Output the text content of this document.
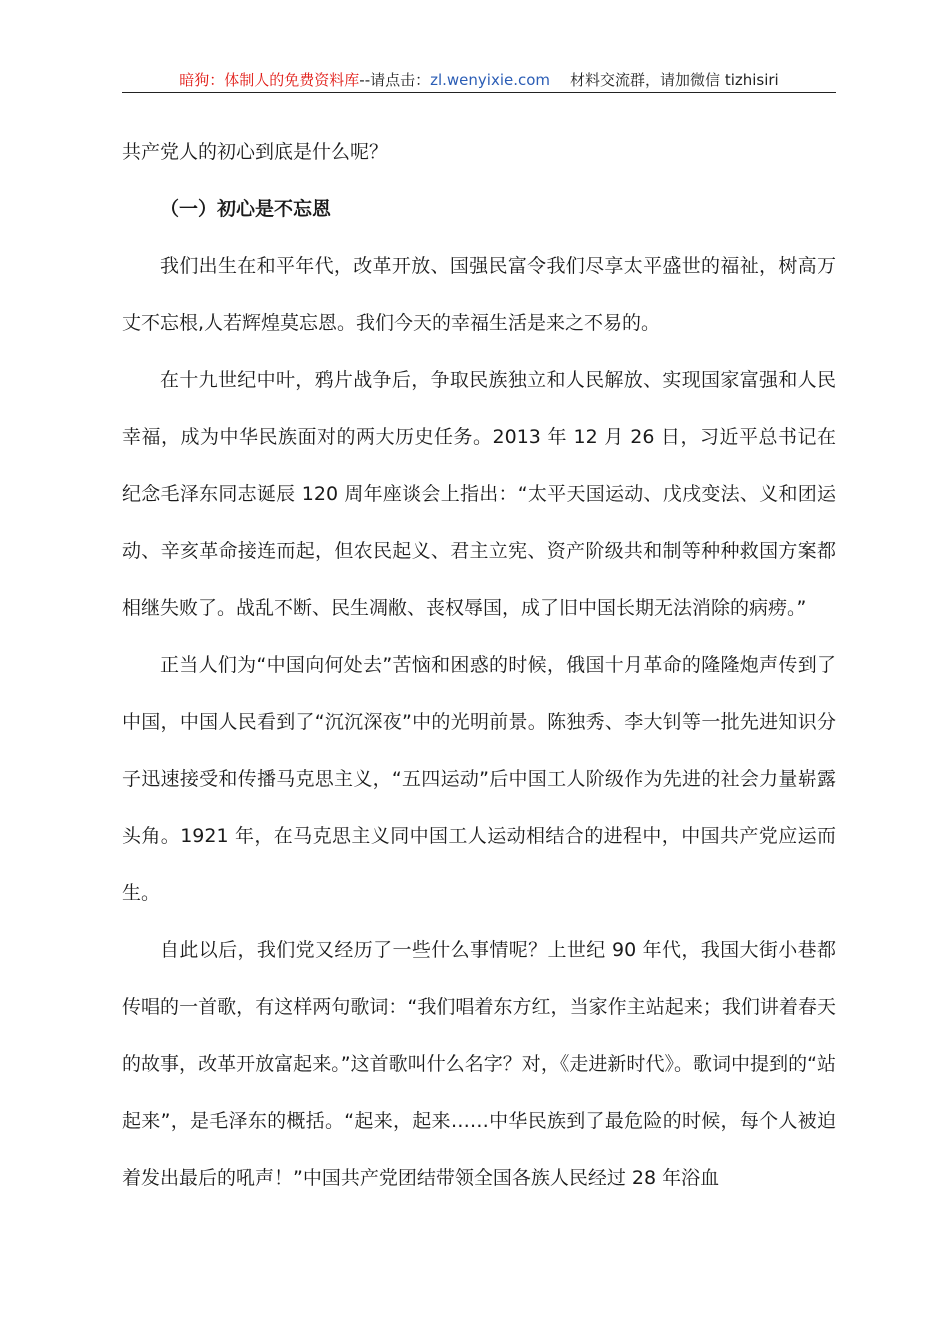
暗狗：体制人的免费资料库--请点击：zl.wenyixie.com 材料交流群，请加微信 tizhisiri

共产党人的初心到底是什么呢？

（一）初心是不忘恩

我们出生在和平年代，改革开放、国强民富令我们尽享太平盛世的福祉，树高万丈不忘根,人若辉煌莫忘恩。我们今天的幸福生活是来之不易的。

在十九世纪中叶，鸦片战争后，争取民族独立和人民解放、实现国家富强和人民幸福，成为中华民族面对的两大历史任务。2013 年 12 月 26 日，习近平总书记在纪念毛泽东同志诞辰 120 周年座谈会上指出：“太平天国运动、戊戌变法、义和团运动、辛亥革命接连而起，但农民起义、君主立宪、资产阶级共和制等种种救国方案都相继失败了。战乱不断、民生凋敝、丧权辱国，成了旧中国长期无法消除的病痨。”

正当人们为“中国向何处去”苦恼和困惑的时候，俄国十月革命的隆隆炮声传到了中国，中国人民看到了“沉沉深夜”中的光明前景。陈独秀、李大钊等一批先进知识分子迅速接受和传播马克思主义，“五四运动”后中国工人阶级作为先进的社会力量崭露头角。1921 年，在马克思主义同中国工人运动相结合的进程中，中国共产党应运而生。

自此以后，我们党又经历了一些什么事情呢？上世纪 90 年代，我国大街小巷都传唱的一首歌，有这样两句歌词：“我们唱着东方红，当家作主站起来；我们讲着春天的故事，改革开放富起来。”这首歌叫什么名字？对，《走进新时代》。歌词中提到的“站起来”，是毛泽东的概括。“起来，起来……中华民族到了最危险的时候，每个人被迫着发出最后的吼声！”中国共产党团结带领全国各族人民经过 28 年浴血
